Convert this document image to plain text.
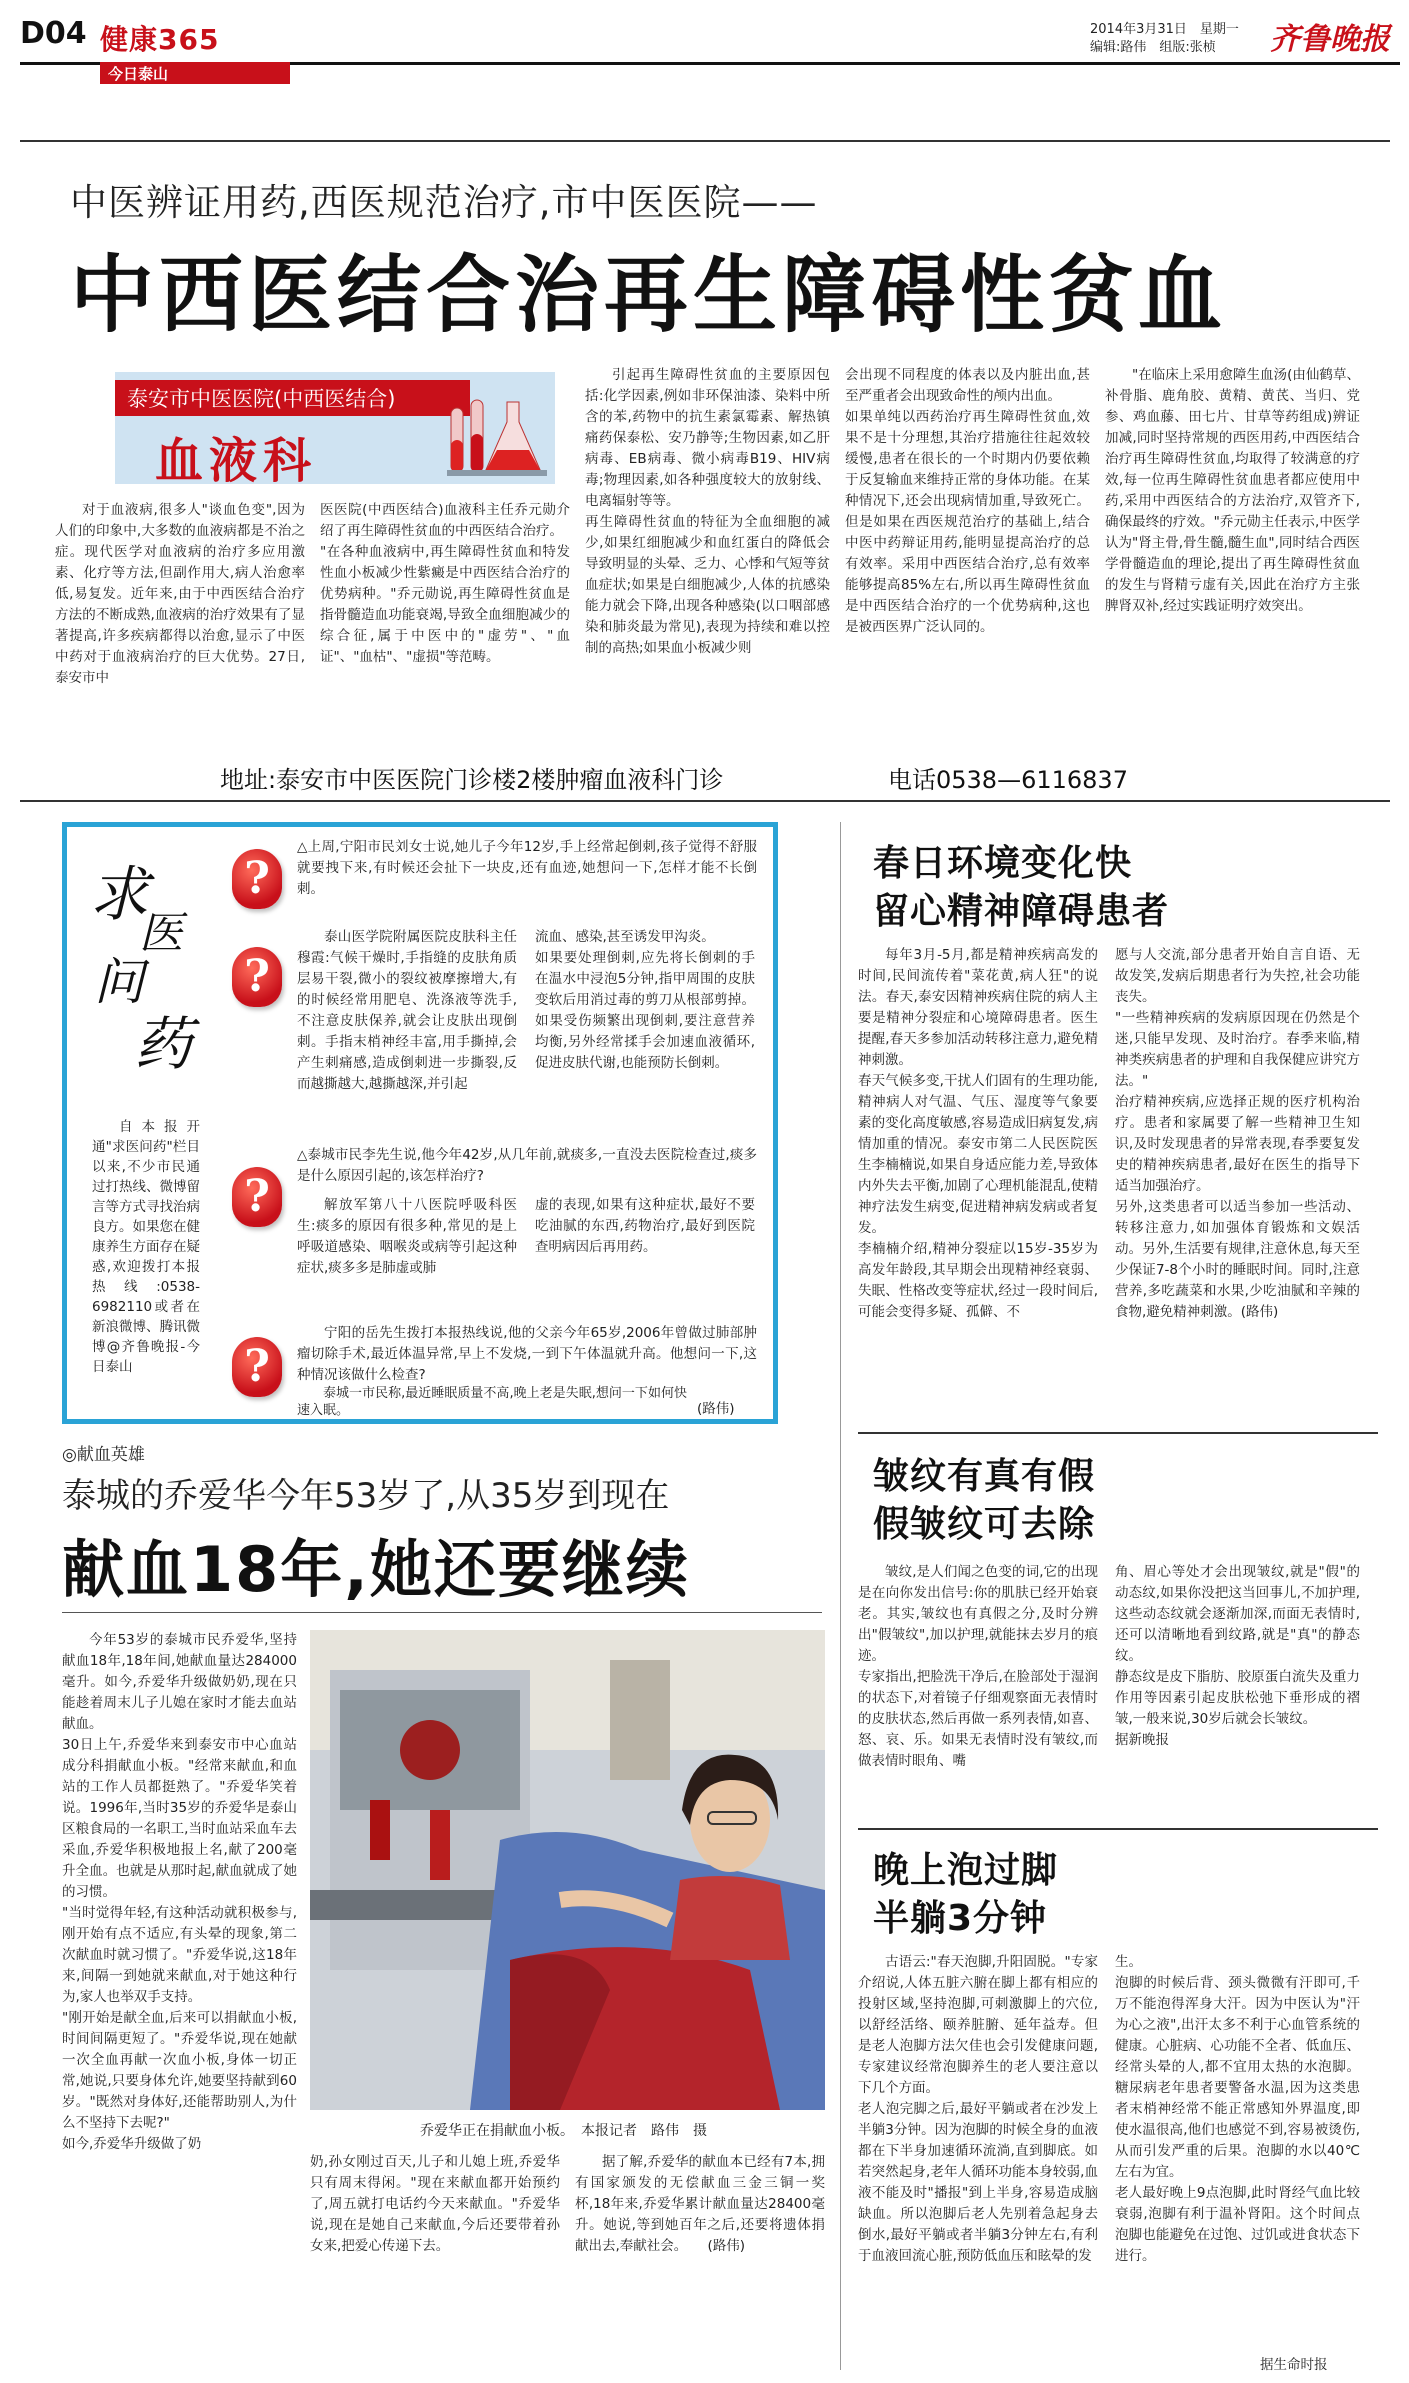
D04 健康365
今日泰山
2014年3月31日　星期一
编辑:路伟　组版:张桢 齐鲁晚报
中医辨证用药,西医规范治疗,市中医医院——
中西医结合治再生障碍性贫血
泰安市中医医院(中西医结合)
血液科

对于血液病,很多人"谈血色变",因为人们的印象中,大多数的血液病都是不治之症。现代医学对血液病的治疗多应用激素、化疗等方法,但副作用大,病人治愈率低,易复发。近年来,由于中西医结合治疗方法的不断成熟,血液病的治疗效果有了显著提高,许多疾病都得以治愈,显示了中医中药对于血液病治疗的巨大优势。27日,泰安市中

医医院(中西医结合)血液科主任乔元勋介绍了再生障碍性贫血的中西医结合治疗。
"在各种血液病中,再生障碍性贫血和特发性血小板减少性紫癜是中西医结合治疗的优势病种。"乔元勋说,再生障碍性贫血是指骨髓造血功能衰竭,导致全血细胞减少的综合征,属于中医中的"虚劳"、"血证"、"血枯"、"虚损"等范畴。

引起再生障碍性贫血的主要原因包括:化学因素,例如非环保油漆、染料中所含的苯,药物中的抗生素氯霉素、解热镇痛药保泰松、安乃静等;生物因素,如乙肝病毒、EB病毒、微小病毒B19、HIV病毒;物理因素,如各种强度较大的放射线、电离辐射等等。
再生障碍性贫血的特征为全血细胞的减少,如果红细胞减少和血红蛋白的降低会导致明显的头晕、乏力、心悸和气短等贫血症状;如果是白细胞减少,人体的抗感染能力就会下降,出现各种感染(以口咽部感染和肺炎最为常见),表现为持续和难以控制的高热;如果血小板减少则

会出现不同程度的体表以及内脏出血,甚至严重者会出现致命性的颅内出血。
如果单纯以西药治疗再生障碍性贫血,效果不是十分理想,其治疗措施往往起效较缓慢,患者在很长的一个时期内仍要依赖于反复输血来维持正常的身体功能。在某种情况下,还会出现病情加重,导致死亡。但是如果在西医规范治疗的基础上,结合中医中药辩证用药,能明显提高治疗的总有效率。采用中西医结合治疗,总有效率能够提高85%左右,所以再生障碍性贫血是中西医结合治疗的一个优势病种,这也是被西医界广泛认同的。

"在临床上采用愈障生血汤(由仙鹤草、补骨脂、鹿角胶、黄精、黄芪、当归、党参、鸡血藤、田七片、甘草等药组成)辨证加减,同时坚持常规的西医用药,中西医结合治疗再生障碍性贫血,均取得了较满意的疗效,每一位再生障碍性贫血患者都应使用中药,采用中西医结合的方法治疗,双管齐下,确保最终的疗效。"乔元勋主任表示,中医学认为"肾主骨,骨生髓,髓生血",同时结合西医学骨髓造血的理论,提出了再生障碍性贫血的发生与肾精亏虚有关,因此在治疗方主张脾肾双补,经过实践证明疗效突出。

地址:泰安市中医医院门诊楼2楼肿瘤血液科门诊	电话0538—6116837
求
医
问
药

自本报开通"求医问药"栏目以来,不少市民通过打热线、微博留言等方式寻找治病良方。如果您在健康养生方面存在疑惑,欢迎拨打本报热线:0538-6982110或者在新浪微博、腾讯微博@齐鲁晚报-今日泰山

?
?
?
?

△上周,宁阳市民刘女士说,她儿子今年12岁,手上经常起倒刺,孩子觉得不舒服就要拽下来,有时候还会扯下一块皮,还有血迹,她想问一下,怎样才能不长倒刺。

泰山医学院附属医院皮肤科主任穆霞:气候干燥时,手指缝的皮肤角质层易干裂,微小的裂纹被摩擦增大,有的时候经常用肥皂、洗涤液等洗手,不注意皮肤保养,就会让皮肤出现倒刺。手指末梢神经丰富,用手撕掉,会产生刺痛感,造成倒刺进一步撕裂,反而越撕越大,越撕越深,并引起

流血、感染,甚至诱发甲沟炎。
如果要处理倒刺,应先将长倒刺的手在温水中浸泡5分钟,指甲周围的皮肤变软后用消过毒的剪刀从根部剪掉。如果受伤频繁出现倒刺,要注意营养均衡,另外经常揉手会加速血液循环,促进皮肤代谢,也能预防长倒刺。

△泰城市民李先生说,他今年42岁,从几年前,就痰多,一直没去医院检查过,痰多是什么原因引起的,该怎样治疗?

解放军第八十八医院呼吸科医生:痰多的原因有很多种,常见的是上呼吸道感染、咽喉炎或病等引起这种症状,痰多多是肺虚或肺

虚的表现,如果有这种症状,最好不要吃油腻的东西,药物治疗,最好到医院查明病因后再用药。

宁阳的岳先生拨打本报热线说,他的父亲今年65岁,2006年曾做过肺部肿瘤切除手术,最近体温异常,早上不发烧,一到下午体温就升高。他想问一下,这种情况该做什么检查?

泰城一市民称,最近睡眠质量不高,晚上老是失眠,想问一下如何快速入眠。	(路伟)
春日环境变化快
留心精神障碍患者

每年3月-5月,都是精神疾病高发的时间,民间流传着"菜花黄,病人狂"的说法。春天,泰安因精神疾病住院的病人主要是精神分裂症和心境障碍患者。医生提醒,春天多参加活动转移注意力,避免精神刺激。
春天气候多变,干扰人们固有的生理功能,精神病人对气温、气压、湿度等气象要素的变化高度敏感,容易造成旧病复发,病情加重的情况。泰安市第二人民医院医生李楠楠说,如果自身适应能力差,导致体内外失去平衡,加剧了心理机能混乱,使精神疗法发生病变,促进精神病发病或者复发。
李楠楠介绍,精神分裂症以15岁-35岁为高发年龄段,其早期会出现精神经衰弱、失眠、性格改变等症状,经过一段时间后,可能会变得多疑、孤僻、不

愿与人交流,部分患者开始自言自语、无故发笑,发病后期患者行为失控,社会功能丧失。
"一些精神疾病的发病原因现在仍然是个迷,只能早发现、及时治疗。春季来临,精神类疾病患者的护理和自我保健应讲究方法。"
治疗精神疾病,应选择正规的医疗机构治疗。患者和家属要了解一些精神卫生知识,及时发现患者的异常表现,春季要复发史的精神疾病患者,最好在医生的指导下适当加强治疗。
另外,这类患者可以适当参加一些活动、转移注意力,如加强体育锻炼和文娱活动。另外,生活要有规律,注意休息,每天至少保证7-8个小时的睡眠时间。同时,注意营养,多吃蔬菜和水果,少吃油腻和辛辣的食物,避免精神刺激。(路伟)

皱纹有真有假
假皱纹可去除

皱纹,是人们闻之色变的词,它的出现是在向你发出信号:你的肌肤已经开始衰老。其实,皱纹也有真假之分,及时分辨出"假皱纹",加以护理,就能抹去岁月的痕迹。
专家指出,把脸洗干净后,在脸部处于湿润的状态下,对着镜子仔细观察面无表情时的皮肤状态,然后再做一系列表情,如喜、怒、哀、乐。如果无表情时没有皱纹,而做表情时眼角、嘴

角、眉心等处才会出现皱纹,就是"假"的动态纹,如果你没把这当回事儿,不加护理,这些动态纹就会逐渐加深,而面无表情时,还可以清晰地看到纹路,就是"真"的静态纹。
静态纹是皮下脂肪、胶原蛋白流失及重力作用等因素引起皮肤松弛下垂形成的褶皱,一般来说,30岁后就会长皱纹。
据新晚报

晚上泡过脚
半躺3分钟

古语云:"春天泡脚,升阳固脱。"专家介绍说,人体五脏六腑在脚上都有相应的投射区域,坚持泡脚,可刺激脚上的穴位,以舒经活络、颐养脏腑、延年益寿。但是老人泡脚方法欠佳也会引发健康问题,专家建议经常泡脚养生的老人要注意以下几个方面。
老人泡完脚之后,最好平躺或者在沙发上半躺3分钟。因为泡脚的时候全身的血液都在下半身加速循环流淌,直到脚底。如若突然起身,老年人循环功能本身较弱,血液不能及时"播报"到上半身,容易造成脑缺血。所以泡脚后老人先别着急起身去倒水,最好平躺或者半躺3分钟左右,有利于血液回流心脏,预防低血压和眩晕的发

生。
泡脚的时候后背、颈头微微有汗即可,千万不能泡得浑身大汗。因为中医认为"汗为心之液",出汗太多不利于心血管系统的健康。心脏病、心功能不全者、低血压、经常头晕的人,都不宜用太热的水泡脚。糖尿病老年患者要警备水温,因为这类患者末梢神经常不能正常感知外界温度,即使水温很高,他们也感觉不到,容易被烫伤,从而引发严重的后果。泡脚的水以40℃左右为宜。
老人最好晚上9点泡脚,此时肾经气血比较衰弱,泡脚有利于温补肾阳。这个时间点泡脚也能避免在过饱、过饥或进食状态下进行。

据生命时报
◎献血英雄
泰城的乔爱华今年53岁了,从35岁到现在
献血18年,她还要继续

今年53岁的泰城市民乔爱华,坚持献血18年,18年间,她献血量达284000毫升。如今,乔爱华升级做奶奶,现在只能趁着周末儿子儿媳在家时才能去血站献血。
30日上午,乔爱华来到泰安市中心血站成分科捐献血小板。"经常来献血,和血站的工作人员都挺熟了。"乔爱华笑着说。1996年,当时35岁的乔爱华是泰山区粮食局的一名职工,当时血站采血车去采血,乔爱华积极地报上名,献了200毫升全血。也就是从那时起,献血就成了她的习惯。
"当时觉得年轻,有这种活动就积极参与,刚开始有点不适应,有头晕的现象,第二次献血时就习惯了。"乔爱华说,这18年来,间隔一到她就来献血,对于她这种行为,家人也举双手支持。
"刚开始是献全血,后来可以捐献血小板,时间间隔更短了。"乔爱华说,现在她献一次全血再献一次血小板,身体一切正常,她说,只要身体允许,她要坚持献到60岁。"既然对身体好,还能帮助别人,为什么不坚持下去呢?"
如今,乔爱华升级做了奶

乔爱华正在捐献血小板。　本报记者　路伟　摄

奶,孙女刚过百天,儿子和儿媳上班,乔爱华只有周末得闲。"现在来献血都开始预约了,周五就打电话约今天来献血。"乔爱华说,现在是她自己来献血,今后还要带着孙女来,把爱心传递下去。

据了解,乔爱华的献血本已经有7本,拥有国家颁发的无偿献血三金三铜一奖杯,18年来,乔爱华累计献血量达28400毫升。她说,等到她百年之后,还要将遗体捐献出去,奉献社会。　　(路伟)
